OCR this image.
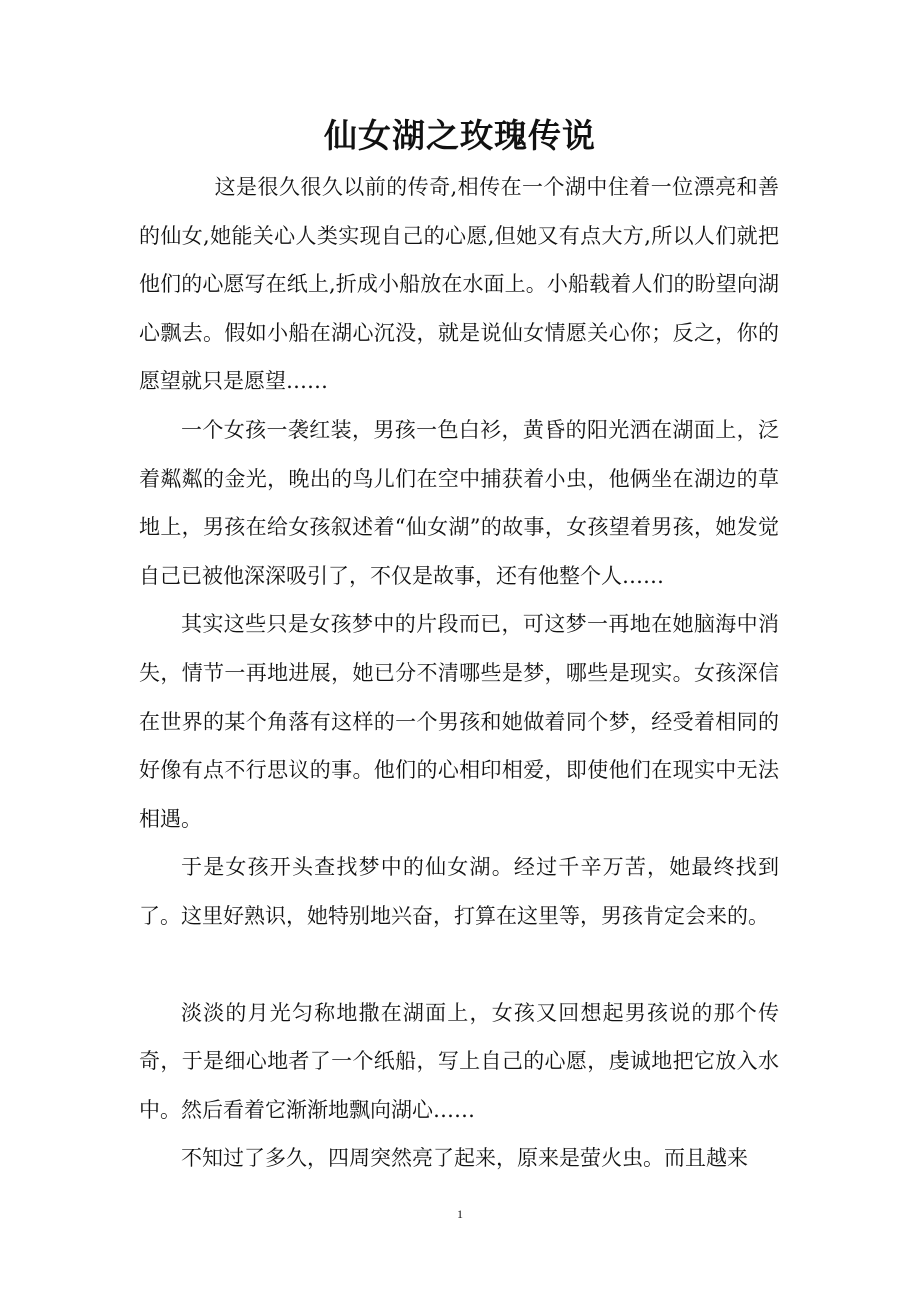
仙女湖之玫瑰传说

这是很久很久以前的传奇,相传在一个湖中住着一位漂亮和善的仙女,她能关心人类实现自己的心愿,但她又有点大方,所以人们就把他们的心愿写在纸上,折成小船放在水面上。小船载着人们的盼望向湖心飘去。假如小船在湖心沉没，就是说仙女情愿关心你；反之，你的愿望就只是愿望……

一个女孩一袭红装，男孩一色白衫，黄昏的阳光洒在湖面上，泛着粼粼的金光，晚出的鸟儿们在空中捕获着小虫，他俩坐在湖边的草地上，男孩在给女孩叙述着“仙女湖”的故事，女孩望着男孩，她发觉自己已被他深深吸引了，不仅是故事，还有他整个人……

其实这些只是女孩梦中的片段而已，可这梦一再地在她脑海中消失，情节一再地进展，她已分不清哪些是梦，哪些是现实。女孩深信在世界的某个角落有这样的一个男孩和她做着同个梦，经受着相同的好像有点不行思议的事。他们的心相印相爱，即使他们在现实中无法相遇。

于是女孩开头查找梦中的仙女湖。经过千辛万苦，她最终找到了。这里好熟识，她特别地兴奋，打算在这里等，男孩肯定会来的。

淡淡的月光匀称地撒在湖面上，女孩又回想起男孩说的那个传奇，于是细心地者了一个纸船，写上自己的心愿，虔诚地把它放入水中。然后看着它渐渐地飘向湖心……

不知过了多久，四周突然亮了起来，原来是萤火虫。而且越来

1
